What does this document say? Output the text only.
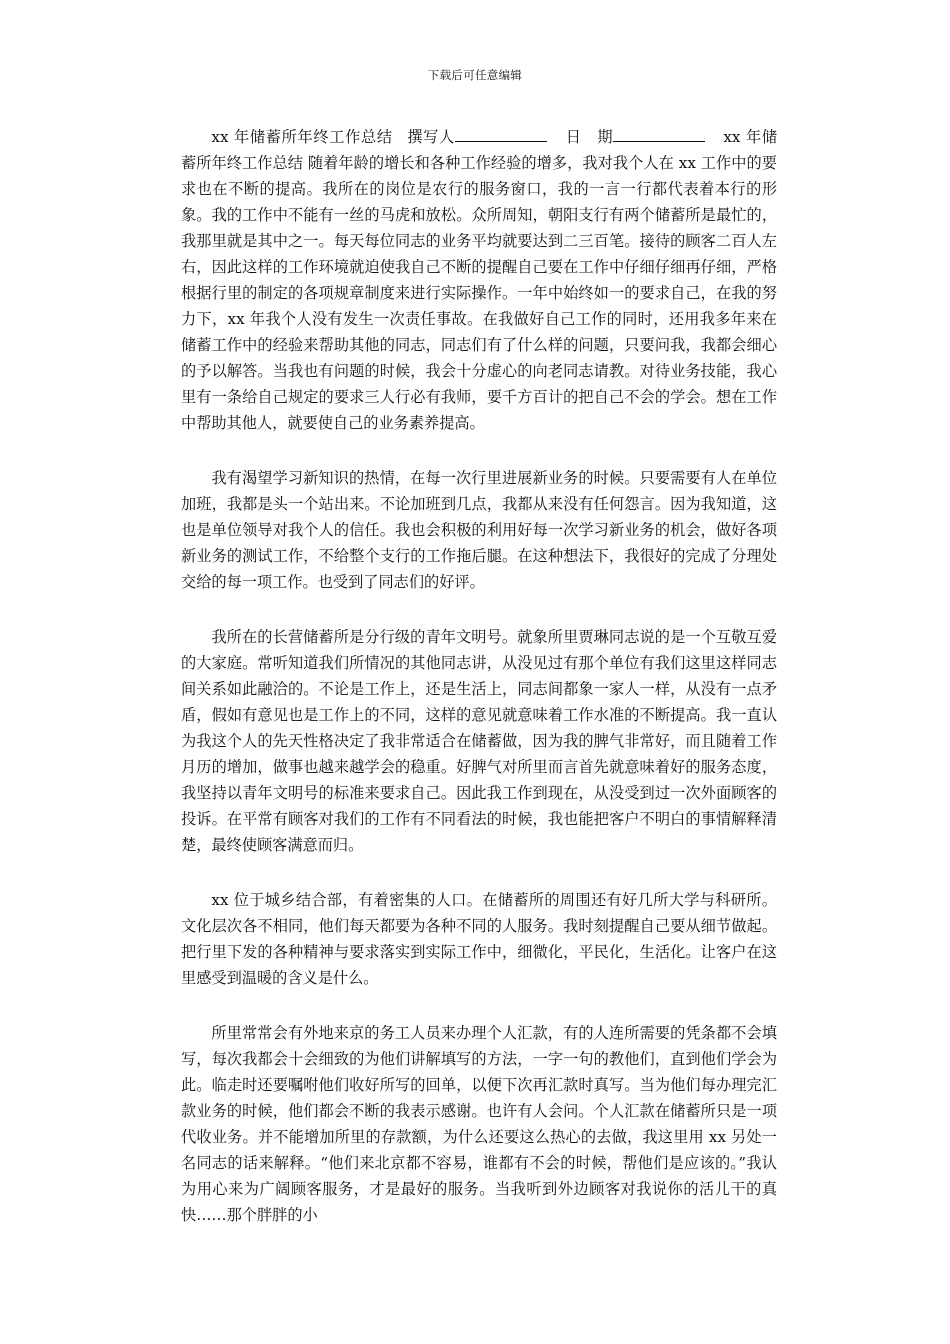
下载后可任意编辑

xx 年储蓄所年终工作总结 撰写人	日　期	xx 年储蓄所年终工作总结 随着年龄的增长和各种工作经验的增多，我对我个人在 xx 工作中的要求也在不断的提高。我所在的岗位是农行的服务窗口，我的一言一行都代表着本行的形象。我的工作中不能有一丝的马虎和放松。众所周知，朝阳支行有两个储蓄所是最忙的，我那里就是其中之一。每天每位同志的业务平均就要达到二三百笔。接待的顾客二百人左右，因此这样的工作环境就迫使我自己不断的提醒自己要在工作中仔细仔细再仔细，严格根据行里的制定的各项规章制度来进行实际操作。一年中始终如一的要求自己，在我的努力下，xx 年我个人没有发生一次责任事故。在我做好自己工作的同时，还用我多年来在储蓄工作中的经验来帮助其他的同志，同志们有了什么样的问题，只要问我，我都会细心的予以解答。当我也有问题的时候，我会十分虚心的向老同志请教。对待业务技能，我心里有一条给自己规定的要求三人行必有我师，要千方百计的把自己不会的学会。想在工作中帮助其他人，就要使自己的业务素养提高。

我有渴望学习新知识的热情，在每一次行里进展新业务的时候。只要需要有人在单位加班，我都是头一个站出来。不论加班到几点，我都从来没有任何怨言。因为我知道，这也是单位领导对我个人的信任。我也会积极的利用好每一次学习新业务的机会，做好各项新业务的测试工作，不给整个支行的工作拖后腿。在这种想法下，我很好的完成了分理处交给的每一项工作。也受到了同志们的好评。

我所在的长营储蓄所是分行级的青年文明号。就象所里贾琳同志说的是一个互敬互爱的大家庭。常听知道我们所情况的其他同志讲，从没见过有那个单位有我们这里这样同志间关系如此融洽的。不论是工作上，还是生活上，同志间都象一家人一样，从没有一点矛盾，假如有意见也是工作上的不同，这样的意见就意味着工作水准的不断提高。我一直认为我这个人的先天性格决定了我非常适合在储蓄做，因为我的脾气非常好，而且随着工作月历的增加，做事也越来越学会的稳重。好脾气对所里而言首先就意味着好的服务态度，我坚持以青年文明号的标准来要求自己。因此我工作到现在，从没受到过一次外面顾客的投诉。在平常有顾客对我们的工作有不同看法的时候，我也能把客户不明白的事情解释清楚，最终使顾客满意而归。

xx 位于城乡结合部，有着密集的人口。在储蓄所的周围还有好几所大学与科研所。文化层次各不相同，他们每天都要为各种不同的人服务。我时刻提醒自己要从细节做起。把行里下发的各种精神与要求落实到实际工作中，细微化，平民化，生活化。让客户在这里感受到温暖的含义是什么。

所里常常会有外地来京的务工人员来办理个人汇款，有的人连所需要的凭条都不会填写，每次我都会十会细致的为他们讲解填写的方法，一字一句的教他们，直到他们学会为此。临走时还要嘱咐他们收好所写的回单，以便下次再汇款时真写。当为他们每办理完汇款业务的时候，他们都会不断的我表示感谢。也许有人会问。个人汇款在储蓄所只是一项代收业务。并不能增加所里的存款额，为什么还要这么热心的去做，我这里用 xx 另处一名同志的话来解释。“他们来北京都不容易，谁都有不会的时候，帮他们是应该的。”我认为用心来为广阔顾客服务，才是最好的服务。当我听到外边顾客对我说你的活儿干的真快……那个胖胖的小
